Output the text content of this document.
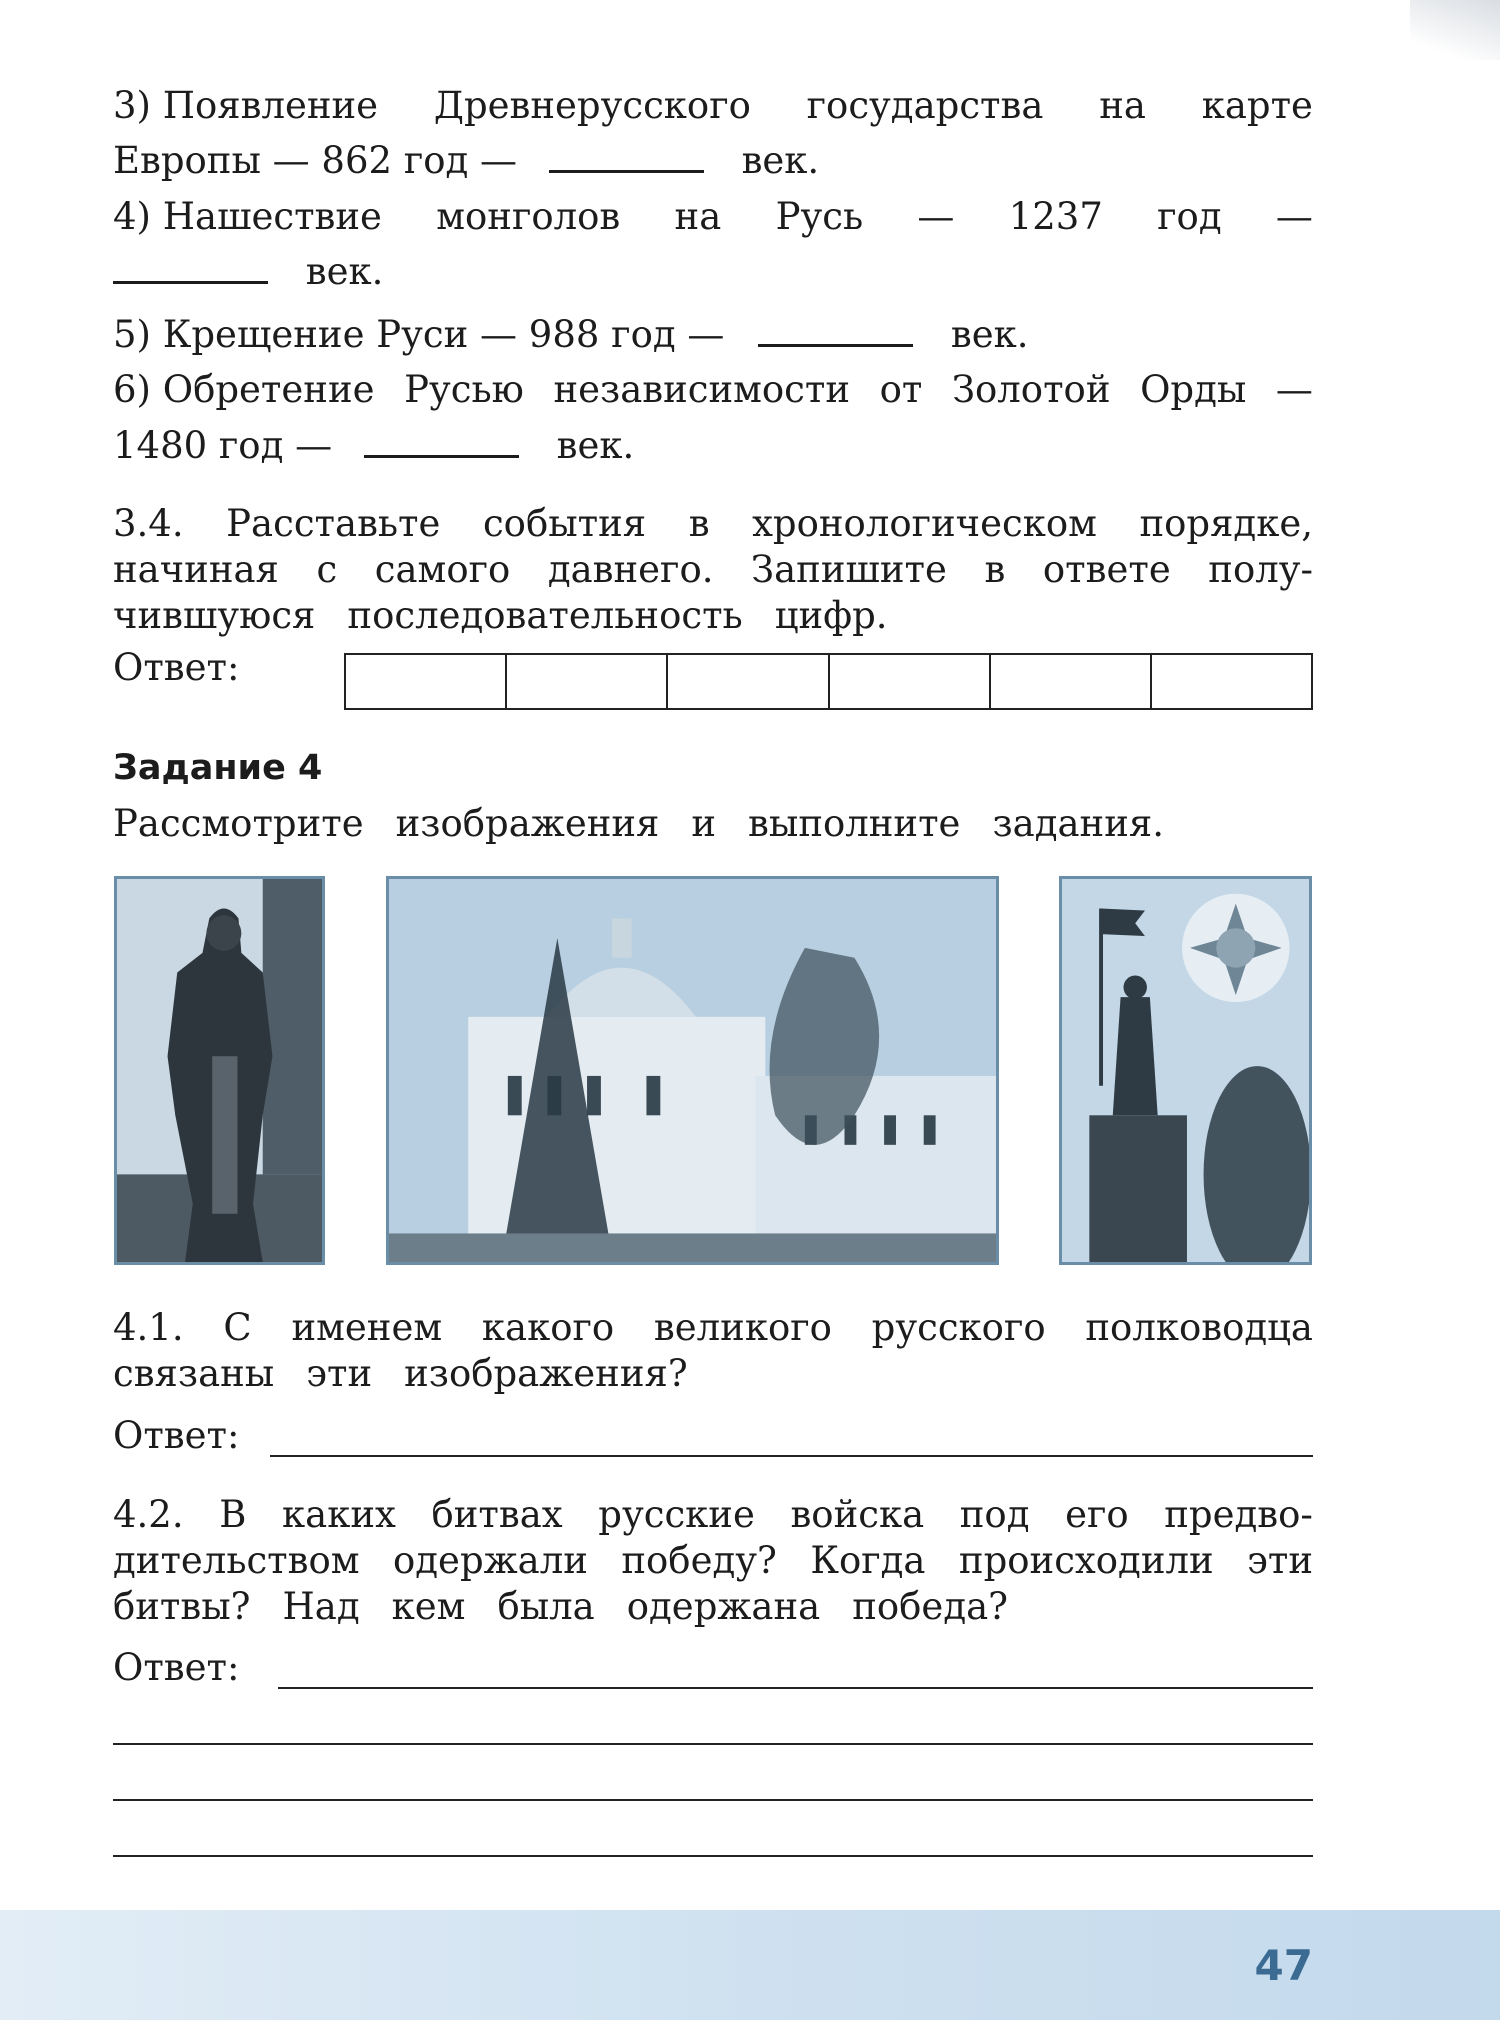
3) Появление Древнерусского государства на карте
Европы — 862 год —	век.
4) Нашествие монголов на Русь — 1237 год —
век.
5) Крещение Руси — 988 год —	век.
6) Обретение Русью независимости от Золотой Орды —
1480 год —	век.
3.4. Расставьте события в хронологическом порядке,
начиная с самого давнего. Запишите в ответе полу-
чившуюся последовательность цифр.
Ответ:
Задание 4
Рассмотрите изображения и выполните задания.
4.1. С именем какого великого русского полководца
связаны эти изображения?
Ответ:
4.2. В каких битвах русские войска под его предво-
дительством одержали победу? Когда происходили эти
битвы? Над кем была одержана победа?
Ответ:
47
